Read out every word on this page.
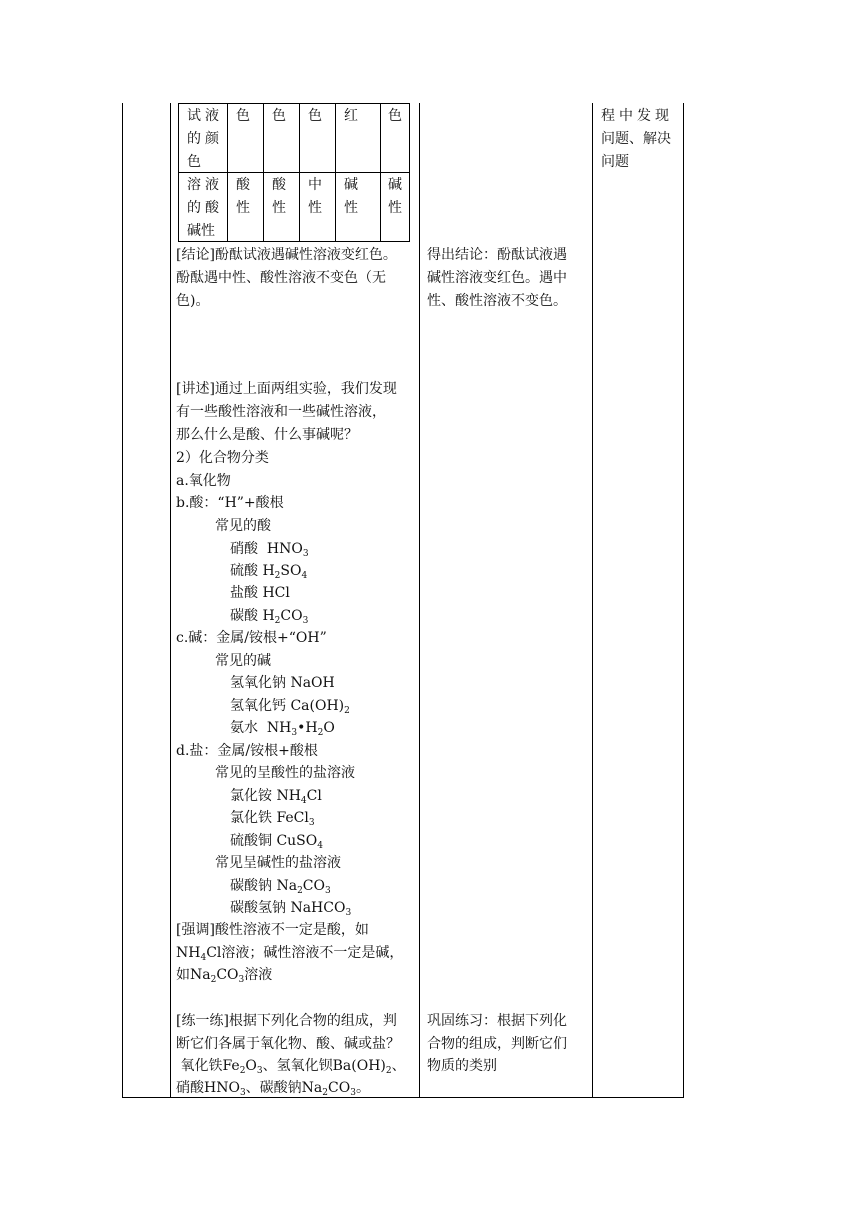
试液
的颜
色
色 色 色 红 色
溶液
的酸
碱性
酸
性
酸
性
中
性
碱
性
碱
性
[结论]酚酞试液遇碱性溶液变红色。
酚酞遇中性、酸性溶液不变色（无
色)。
[讲述]通过上面两组实验，我们发现
有一些酸性溶液和一些碱性溶液，
那么什么是酸、什么事碱呢？
2）化合物分类
a.氧化物
b.酸：“H”+酸根
常见的酸
硝酸 $HNO_3$
硫酸 $H_2SO_4$
盐酸 HCl
碳酸 $H_2CO_3$
c.碱：金属/铵根+“OH”
常见的碱
氢氧化钠 NaOH
氢氧化钙 $Ca(OH)_2$
氨水 $NH_3•H_2O$
d.盐：金属/铵根+酸根
常见的呈酸性的盐溶液
氯化铵 $NH_4Cl$
氯化铁 FeCl$_3$
硫酸铜 CuSO$_4$
常见呈碱性的盐溶液
碳酸钠 $Na_2CO_3$
碳酸氢钠 NaHCO$_3$
[强调]酸性溶液不一定是酸，如
$NH_4Cl$溶液；碱性溶液不一定是碱，
如$Na_2CO_3$溶液
[练一练]根据下列化合物的组成，判
断它们各属于氧化物、酸、碱或盐？
氧化铁$Fe_2O_3$、氢氧化钡$Ba(OH)_2$、
硝酸$HNO_3$、碳酸钠$Na_2CO_3$。
得出结论：酚酞试液遇
碱性溶液变红色。遇中
性、酸性溶液不变色。
巩固练习：根据下列化
合物的组成，判断它们
物质的类别
程中发现
问题、解决
问题
